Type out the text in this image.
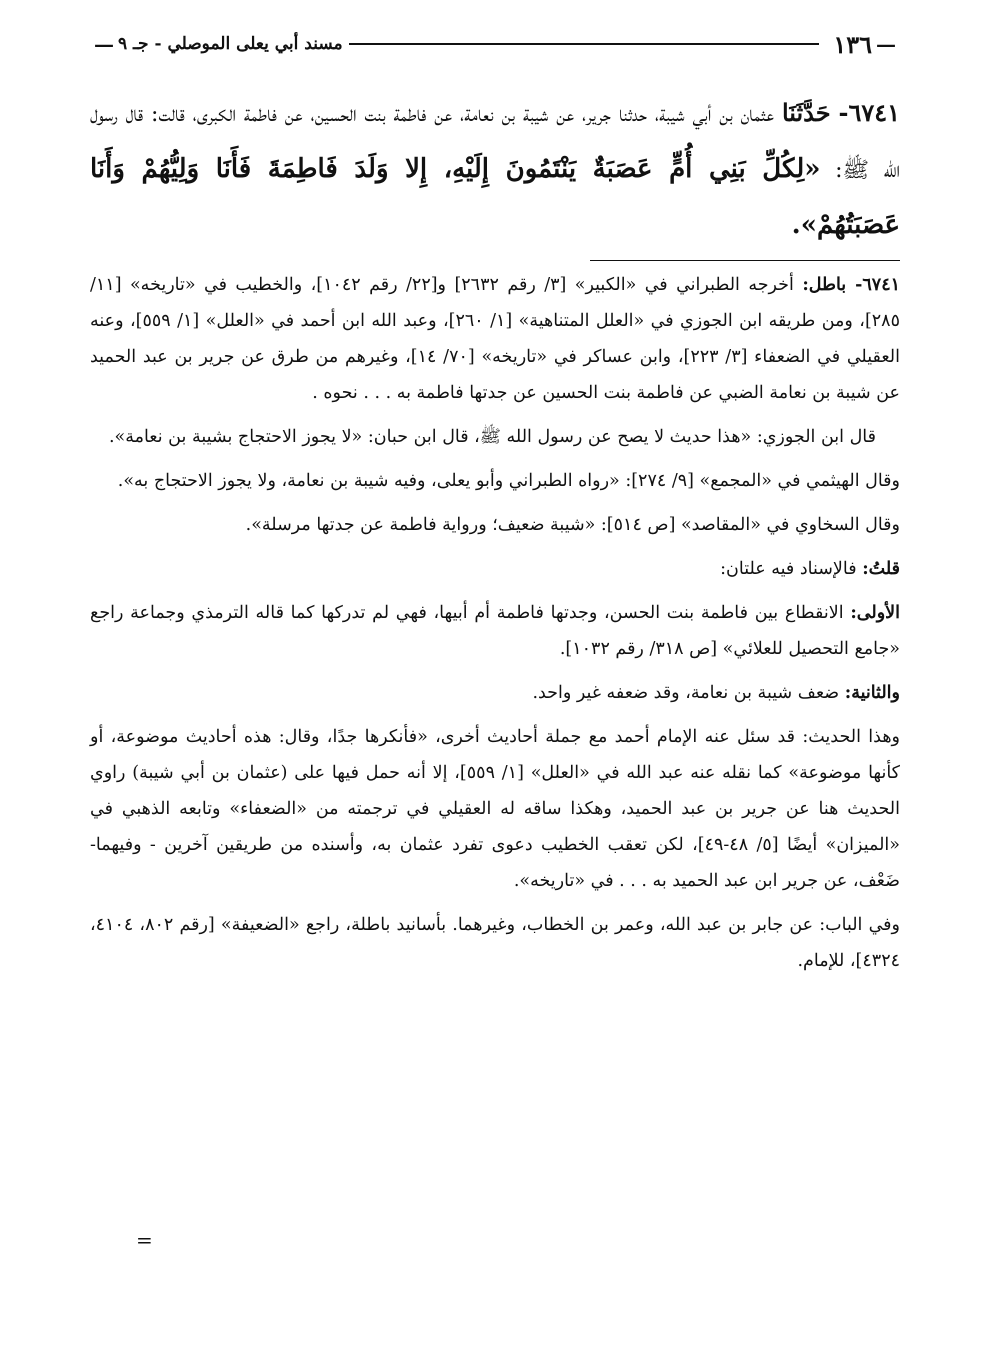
—
١٣٦
مسند أبي يعلى الموصلي - جـ ٩
—
٦٧٤١- حَدَّثَنَا عثمان بن أبي شيبة، حدثنا جرير، عن شيبة بن نعامة، عن فاطمة بنت الحسين، عن فاطمة الكبرى، قالت: قال رسول الله ﷺ: «لِكُلِّ بَنِي أُمٍّ عَصَبَةٌ يَنْتَمُونَ إِلَيْهِ، إِلا وَلَدَ فَاطِمَةَ فَأَنَا وَلِيُّهُمْ وَأَنَا عَصَبَتُهُمْ».

٦٧٤١- باطل: أخرجه الطبراني في «الكبير» [٣/ رقم ٢٦٣٢] و[٢٢/ رقم ١٠٤٢]، والخطيب في «تاريخه» [١١/ ٢٨٥]، ومن طريقه ابن الجوزي في «العلل المتناهية» [١/ ٢٦٠]، وعبد الله ابن أحمد في «العلل» [١/ ٥٥٩]، وعنه العقيلي في الضعفاء [٣/ ٢٢٣]، وابن عساكر في «تاريخه» [٧٠/ ١٤]، وغيرهم من طرق عن جرير بن عبد الحميد عن شيبة بن نعامة الضبي عن فاطمة بنت الحسين عن جدتها فاطمة به . . . نحوه .

قال ابن الجوزي: «هذا حديث لا يصح عن رسول الله ﷺ، قال ابن حبان: «لا يجوز الاحتجاج بشيبة بن نعامة».

وقال الهيثمي في «المجمع» [٩/ ٢٧٤]: «رواه الطبراني وأبو يعلى، وفيه شيبة بن نعامة، ولا يجوز الاحتجاج به».

وقال السخاوي في «المقاصد» [ص ٥١٤]: «شيبة ضعيف؛ ورواية فاطمة عن جدتها مرسلة».

قلتُ: فالإسناد فيه علتان:

الأولى: الانقطاع بين فاطمة بنت الحسن، وجدتها فاطمة أم أبيها، فهي لم تدركها كما قاله الترمذي وجماعة راجع «جامع التحصيل للعلائي» [ص ٣١٨/ رقم ١٠٣٢].

والثانية: ضعف شيبة بن نعامة، وقد ضعفه غير واحد.

وهذا الحديث: قد سئل عنه الإمام أحمد مع جملة أحاديث أخرى، «فأنكرها جدًا، وقال: هذه أحاديث موضوعة، أو كأنها موضوعة» كما نقله عنه عبد الله في «العلل» [١/ ٥٥٩]، إلا أنه حمل فيها على (عثمان بن أبي شيبة) راوي الحديث هنا عن جرير بن عبد الحميد، وهكذا ساقه له العقيلي في ترجمته من «الضعفاء» وتابعه الذهبي في «الميزان» أيضًا [٥/ ٤٨-٤٩]، لكن تعقب الخطيب دعوى تفرد عثمان به، وأسنده من طريقين آخرين - وفيهما- ضَعْف، عن جرير ابن عبد الحميد به . . . في «تاريخه».

وفي الباب: عن جابر بن عبد الله، وعمر بن الخطاب، وغيرهما. بأسانيد باطلة، راجع «الضعيفة» [رقم ٨٠٢، ٤١٠٤، ٤٣٢٤]، للإمام.

=
